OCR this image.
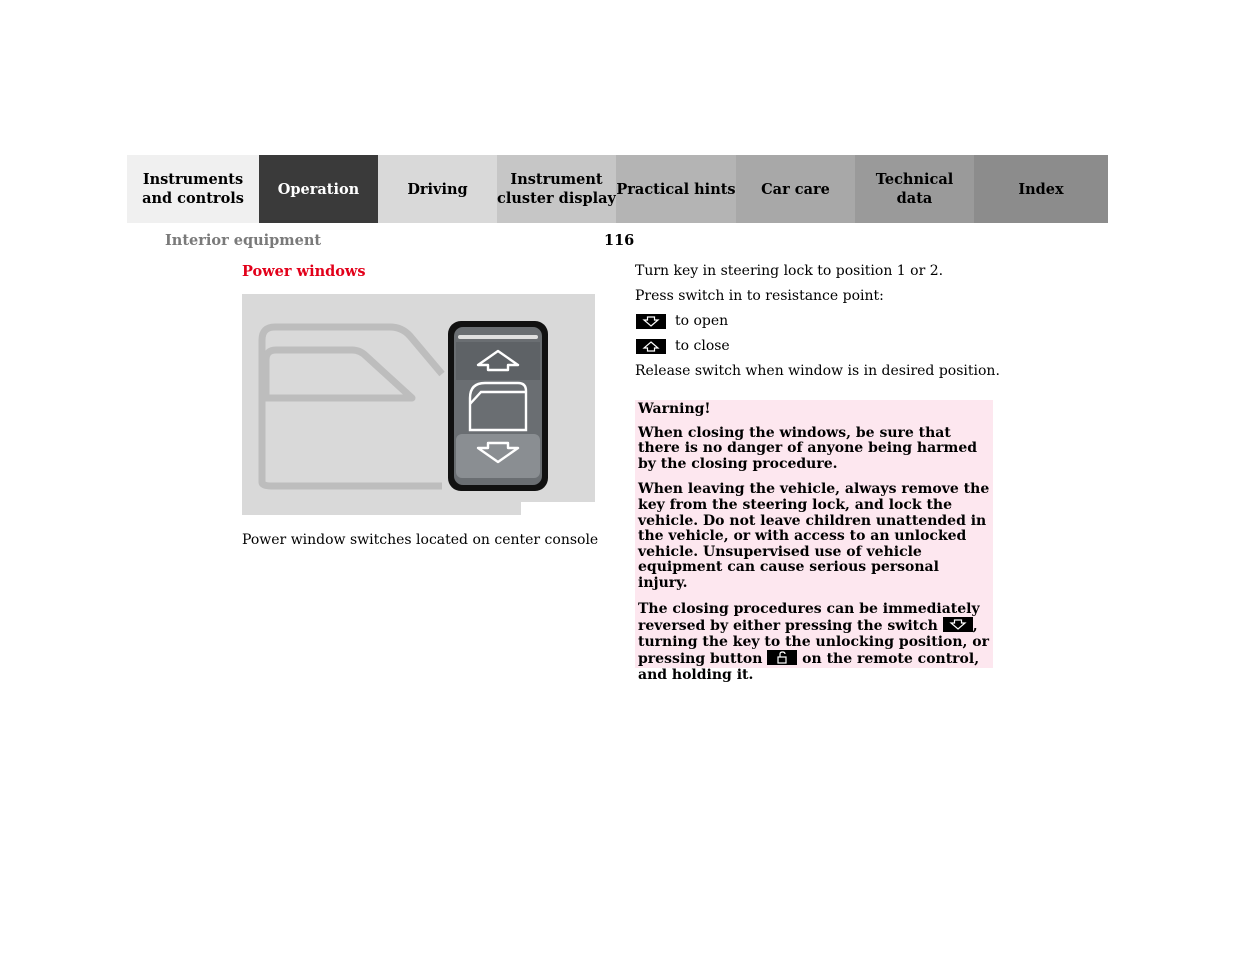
Instruments
and controls
Operation	Driving
Instrument
cluster display
Practical hints Car care
Technical
data
Index
Interior equipment	116
Power windows
Power window switches located on center console
Turn key in steering lock to position 1 or 2.
Press switch in to resistance point:
to open
to close
Release switch when window is in desired position.

Warning!

When closing the windows, be sure that there is no danger of anyone being harmed by the closing procedure.

When leaving the vehicle, always remove the key from the steering lock, and lock the vehicle. Do not leave children unattended in the vehicle, or with access to an unlocked vehicle. Unsupervised use of vehicle equipment can cause serious personal injury.

The closing procedures can be immediately reversed by either pressing the switch , turning the key to the unlocking position, or pressing button	on the remote control, and holding it.
